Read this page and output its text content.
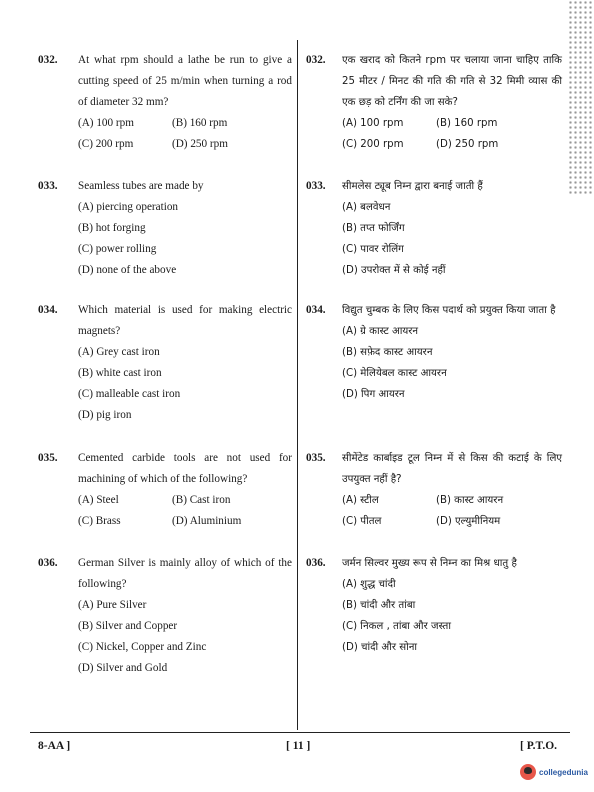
032. At what rpm should a lathe be run to give a cutting speed of 25 m/min when turning a rod of diameter 32 mm?
(A) 100 rpm	(B) 160 rpm
(C) 200 rpm	(D) 250 rpm
033. Seamless tubes are made by
(A) piercing operation
(B) hot forging
(C) power rolling
(D) none of the above
034. Which material is used for making electric magnets?
(A) Grey cast iron
(B) white cast iron
(C) malleable cast iron
(D) pig iron
035. Cemented carbide tools are not used for machining of which of the following?
(A) Steel	(B) Cast iron
(C) Brass	(D) Aluminium
036. German Silver is mainly alloy of which of the following?
(A) Pure Silver
(B) Silver and Copper
(C) Nickel, Copper and Zinc
(D) Silver and Gold
032. एक खराद को कितने rpm पर चलाया जाना चाहिए ताकि 25 मीटर / मिनट की गति की गति से 32 मिमी व्यास की एक छड़ को टर्निंग की जा सके?
(A) 100 rpm	(B) 160 rpm
(C) 200 rpm	(D) 250 rpm
033. सीमलेस ट्यूब निम्न द्वारा बनाई जाती हैं
(A) बलवेधन
(B) तप्त फोर्जिंग
(C) पावर रोलिंग
(D) उपरोक्त में से कोई नहीं
034. विद्युत चुम्बक के लिए किस पदार्थ को प्रयुक्त किया जाता है
(A) ग्रे कास्ट आयरन
(B) सफ़ेद कास्ट आयरन
(C) मेलियेबल कास्ट आयरन
(D) पिग आयरन
035. सीमेंटेड कार्बाइड टूल निम्न में से किस की कटाई के लिए उपयुक्त नहीं है?
(A) स्टील	(B) कास्ट आयरन
(C) पीतल	(D) एल्युमीनियम
036. जर्मन सिल्वर मुख्य रूप से निम्न का मिश्र धातु है
(A) शुद्ध चांदी
(B) चांदी और तांबा
(C) निकल , तांबा और जस्ता
(D) चांदी और सोना
8-AA ]	[ 11 ]	[ P.T.O.
collegedunia
